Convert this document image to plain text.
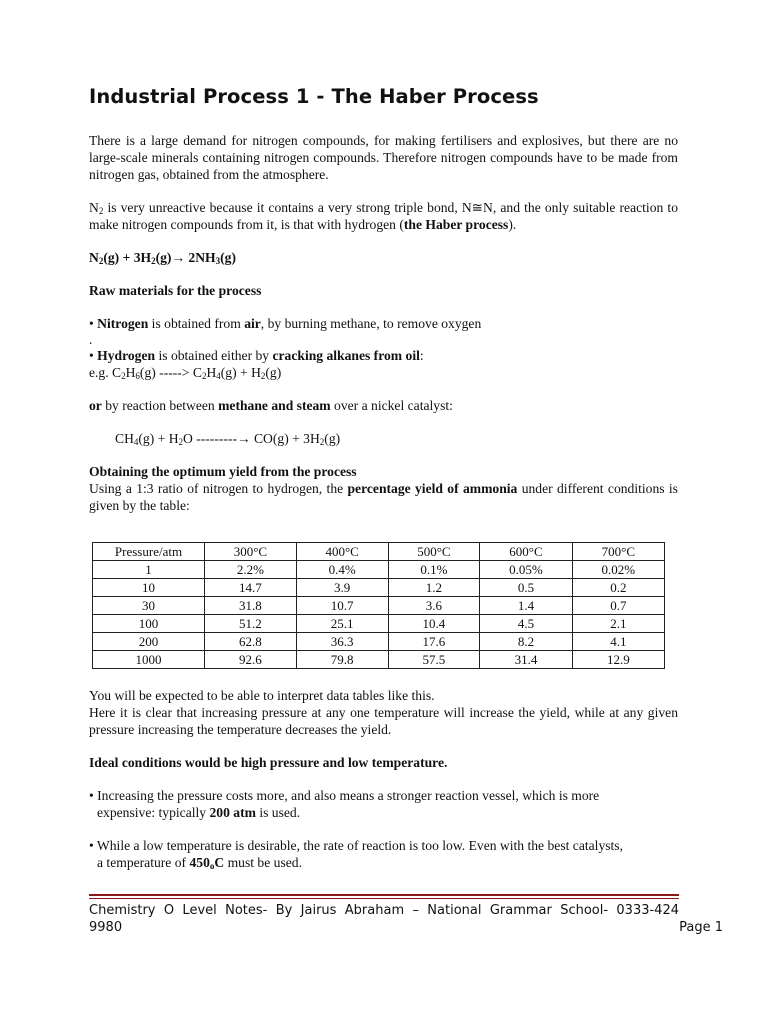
Industrial Process 1 - The Haber Process

There is a large demand for nitrogen compounds, for making fertilisers and explosives, but there are no large-scale minerals containing nitrogen compounds. Therefore nitrogen compounds have to be made from nitrogen gas, obtained from the atmosphere.

$N_2$ is very unreactive because it contains a very strong triple bond, N≅N, and the only suitable reaction to make nitrogen compounds from it, is that with hydrogen (the Haber process).

$N_2(g) + 3H_2(g)\to 2NH_3(g)$

Raw materials for the process

• Nitrogen is obtained from air, by burning methane, to remove oxygen

.

• Hydrogen is obtained either by cracking alkanes from oil:

e.g. $C_2H_6(g)$ -----> $C_2H_4(g) + H_2(g)$

or by reaction between methane and steam over a nickel catalyst:

$CH_4(g) + H_2O$ ---------→ $CO(g) + 3H_2(g)$

Obtaining the optimum yield from the process

Using a 1:3 ratio of nitrogen to hydrogen, the percentage yield of ammonia under different conditions is given by the table:

Pressure/atm	300°C	400°C	500°C	600°C	700°C
1	2.2%	0.4%	0.1%	0.05%	0.02%
10	14.7	3.9	1.2	0.5	0.2
30	31.8	10.7	3.6	1.4	0.7
100	51.2	25.1	10.4	4.5	2.1
200	62.8	36.3	17.6	8.2	4.1
1000	92.6	79.8	57.5	31.4	12.9

You will be expected to be able to interpret data tables like this.

Here it is clear that increasing pressure at any one temperature will increase the yield, while at any given pressure increasing the temperature decreases the yield.

Ideal conditions would be high pressure and low temperature.

• Increasing the pressure costs more, and also means a stronger reaction vessel, which is more
expensive: typically 200 atm is used.

• While a low temperature is desirable, the rate of reaction is too low. Even with the best catalysts,
a temperature of $450_oC$ must be used.

Chemistry O Level Notes- By Jairus Abraham – National Grammar School- 0333-424
9980	Page 1
